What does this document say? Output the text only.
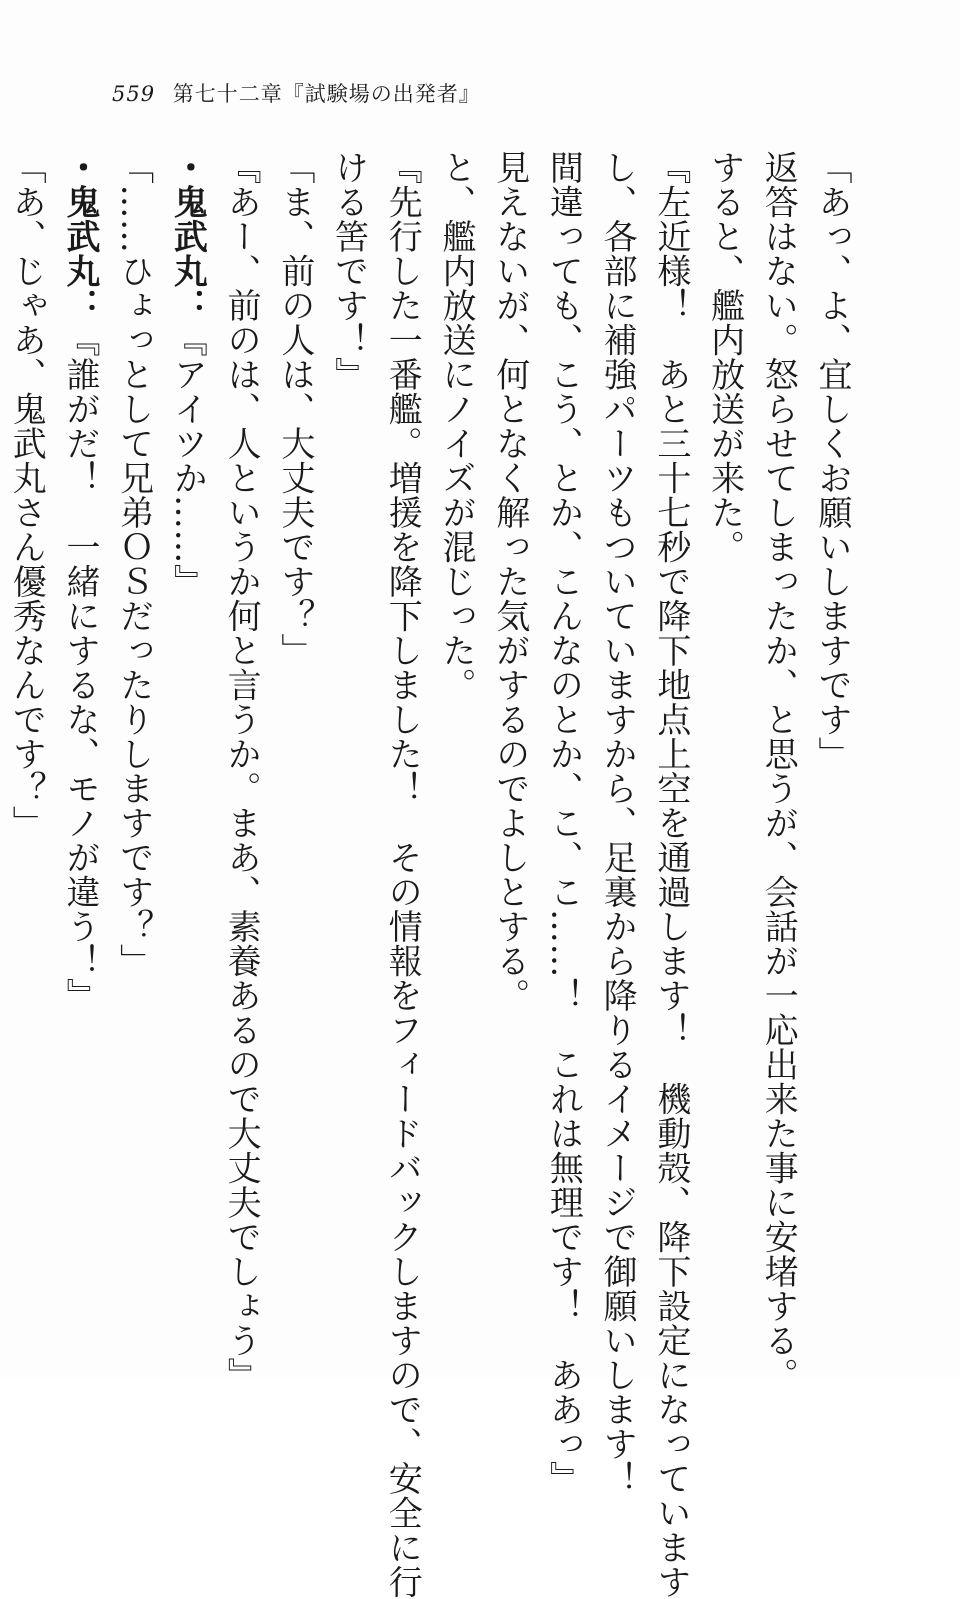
559 第七十二章『試験場の出発者』
「あっ、よ、宜しくお願いしますです」
返答はない。怒らせてしまったか、と思うが、会話が一応出来た事に安堵する。
すると、艦内放送が来た。
『左近様！　あと三十七秒で降下地点上空を通過します！　機動殻、降下設定になっています
し、各部に補強パーツもついていますから、足裏から降りるイメージで御願いします！
間違っても、こう、とか、こんなのとか、こ、こ……！　これは無理です！　ああっ』
見えないが、何となく解った気がするのでよしとする。
と、艦内放送にノイズが混じった。
『先行した一番艦。増援を降下しました！　その情報をフィードバックしますので、安全に行
ける筈です！』
「ま、前の人は、大丈夫です？」
『あー、前のは、人というか何と言うか。まあ、素養あるので大丈夫でしょう』
・鬼武丸：『アイツか……』
「……ひょっとして兄弟ＯＳだったりしますです？」
・鬼武丸：『誰がだ！　一緒にするな、モノが違う！』
「あ、じゃあ、鬼武丸さん優秀なんです？」
